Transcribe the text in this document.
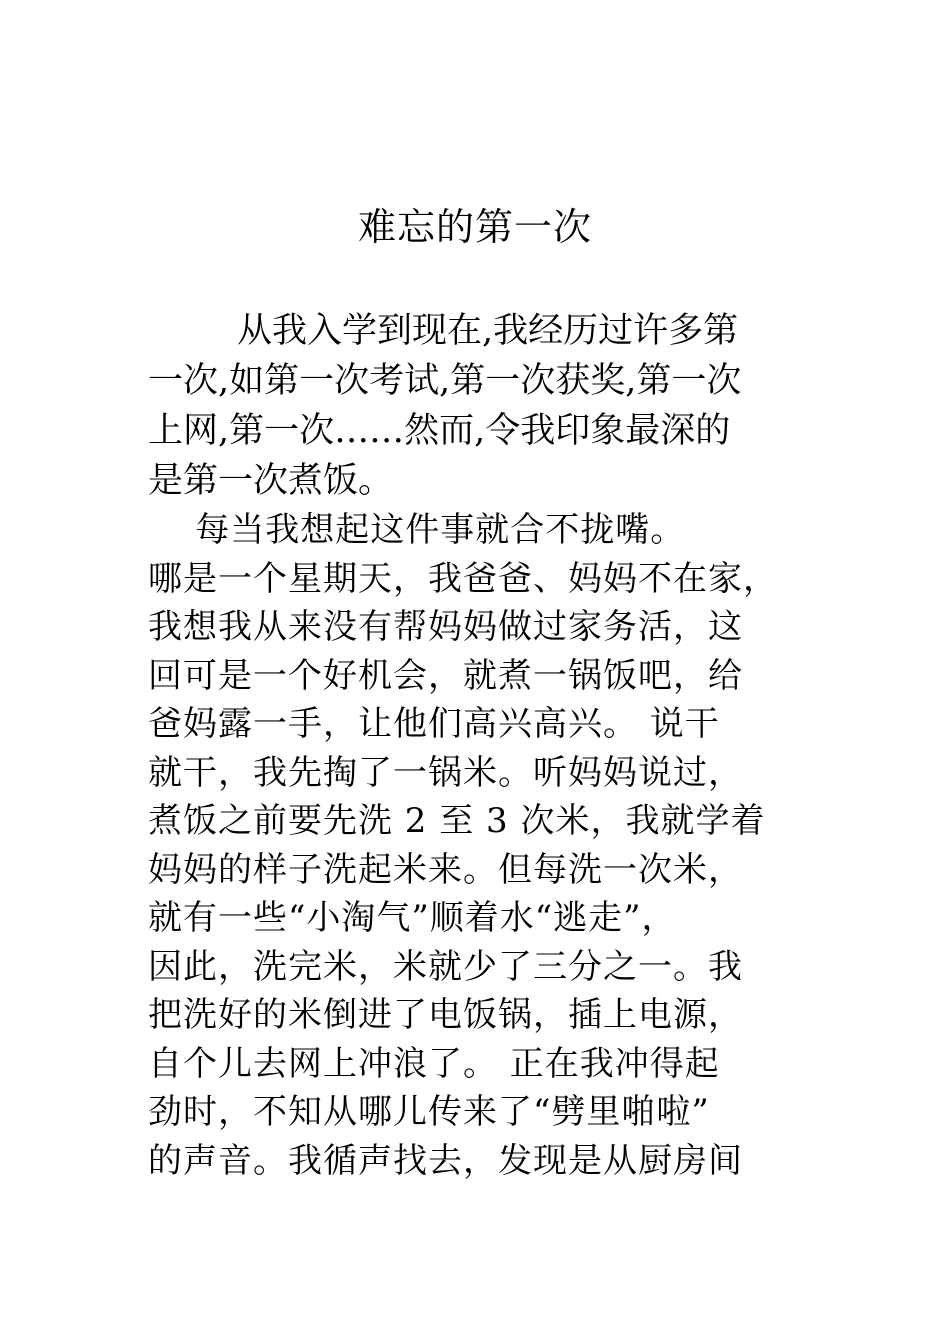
难忘的第一次
从我入学到现在,我经历过许多第
一次,如第一次考试,第一次获奖,第一次
上网,第一次……然而,令我印象最深的
是第一次煮饭。
每当我想起这件事就合不拢嘴。
哪是一个星期天，我爸爸、妈妈不在家，
我想我从来没有帮妈妈做过家务活，这
回可是一个好机会，就煮一锅饭吧，给
爸妈露一手，让他们高兴高兴。 说干
就干，我先掏了一锅米。听妈妈说过，
煮饭之前要先洗 2 至 3 次米，我就学着
妈妈的样子洗起米来。但每洗一次米，
就有一些“小淘气”顺着水“逃走”，
因此，洗完米，米就少了三分之一。我
把洗好的米倒进了电饭锅，插上电源，
自个儿去网上冲浪了。 正在我冲得起
劲时，不知从哪儿传来了“劈里啪啦”
的声音。我循声找去，发现是从厨房间
